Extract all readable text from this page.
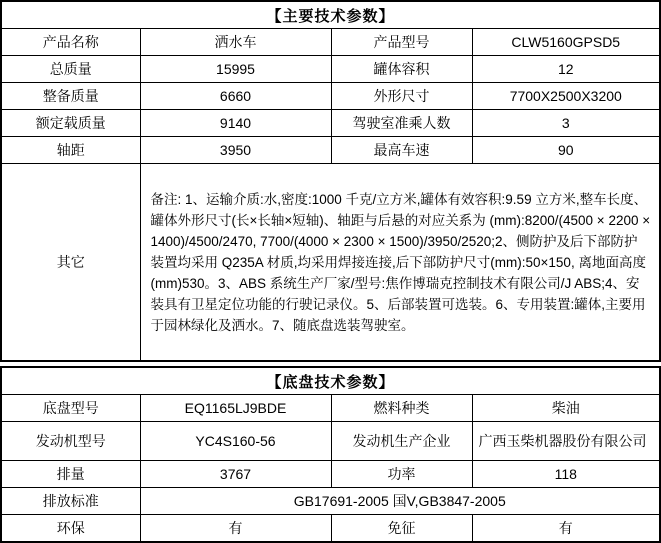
【主要技术参数】			
产品名称	洒水车	产品型号	CLW5160GPSD5
总质量	15995	罐体容积	12
整备质量	6660	外形尺寸	7700X2500X3200
额定载质量	9140	驾驶室准乘人数	3
轴距	3950	最高车速	90
其它	备注: 1、运输介质:水,密度:1000 千克/立方米,罐体有效容积:9.59 立方米,整车长度、罐体外形尺寸(长×长轴×短轴)、轴距与后悬的对应关系为 (mm):8200/(4500 × 2200 × 1400)/4500/2470, 7700/(4000 × 2300 × 1500)/3950/2520;2、侧防护及后下部防护装置均采用 Q235A 材质,均采用焊接连接,后下部防护尺寸(mm):50×150, 离地面高度(mm)530。3、ABS 系统生产厂家/型号:焦作博瑞克控制技术有限公司/J ABS;4、安装具有卫星定位功能的行驶记录仪。5、后部装置可选装。6、专用装置:罐体,主要用于园林绿化及洒水。7、随底盘选装驾驶室。		
【底盘技术参数】			
底盘型号	EQ1165LJ9BDE	燃料种类	柴油
发动机型号	YC4S160-56	发动机生产企业	广西玉柴机器股份有限公司
排量	3767	功率	118
排放标准	GB17691-2005 国V,GB3847-2005		
环保	有	免征	有
